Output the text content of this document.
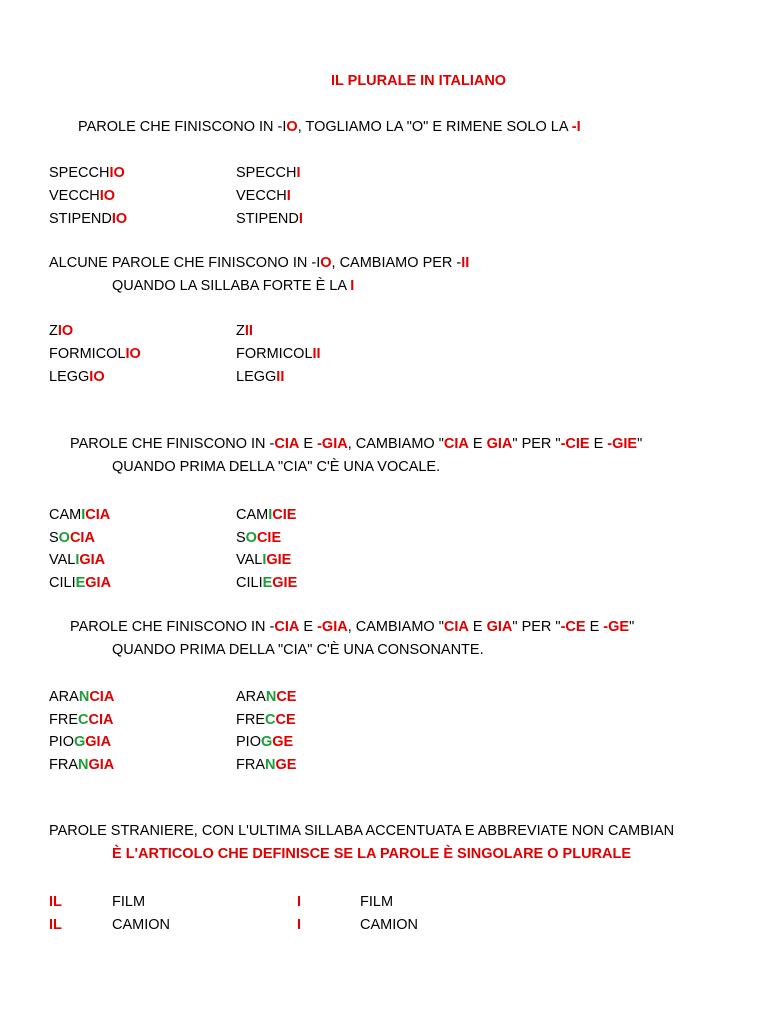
IL PLURALE IN ITALIANO
PAROLE CHE FINISCONO IN -IO, TOGLIAMO LA "O" E RIMENE SOLO LA -I
SPECCHIO	SPECCHI
VECCHIO	VECCHI
STIPENDIO	STIPENDI
ALCUNE PAROLE CHE FINISCONO IN -IO, CAMBIAMO PER -II
QUANDO LA SILLABA FORTE È LA I
ZIO	ZII
FORMICOLIO	FORMICOLII
LEGGIO	LEGGII
PAROLE CHE FINISCONO IN -CIA E -GIA, CAMBIAMO "CIA E GIA" PER "-CIE E -GIE"
QUANDO PRIMA DELLA "CIA" C'È UNA VOCALE.
CAMICIA	CAMICIE
SOCIA	SOCIE
VALIGIA	VALIGIE
CILIEGIA	CILIEGIE
PAROLE CHE FINISCONO IN -CIA E -GIA, CAMBIAMO "CIA E GIA" PER "-CE E -GE"
QUANDO PRIMA DELLA "CIA" C'È UNA CONSONANTE.
ARANCIA	ARANCE
FRECCIA	FRECCE
PIOGGIA	PIOGGE
FRANGIA	FRANGE
PAROLE STRANIERE, CON L'ULTIMA SILLABA ACCENTUATA E ABBREVIATE NON CAMBIAN
È L'ARTICOLO CHE DEFINISCE SE LA PAROLE È SINGOLARE O PLURALE
IL	FILM	I	FILM
IL	CAMION	I	CAMION
